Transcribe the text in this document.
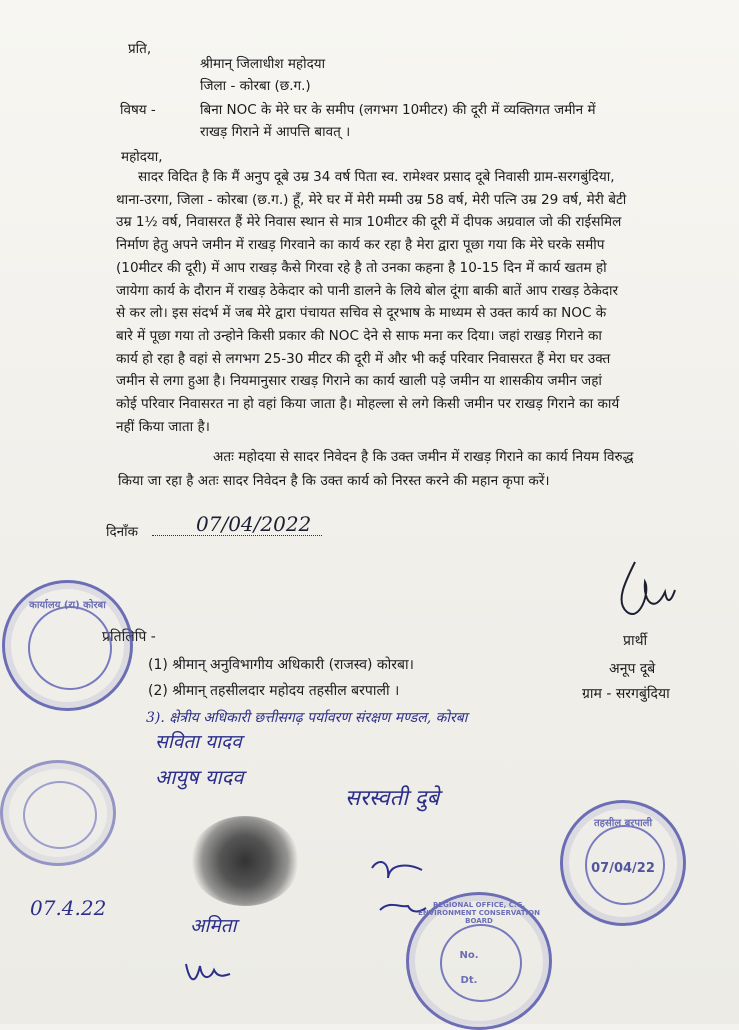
प्रति,
श्रीमान् जिलाधीश महोदया
जिला - कोरबा (छ.ग.)
विषय -	बिना NOC के मेरे घर के समीप (लगभग 10मीटर) की दूरी में व्यक्तिगत जमीन में
राखड़ गिराने में आपत्ति बावत् ।
महोदया,
सादर विदित है कि मैं अनुप दूबे उम्र 34 वर्ष पिता स्व. रामेश्वर प्रसाद दूबे निवासी ग्राम-सरगबुंदिया,
थाना-उरगा, जिला - कोरबा (छ.ग.) हूँ, मेरे घर में मेरी मम्मी उम्र 58 वर्ष, मेरी पत्नि उम्र 29 वर्ष, मेरी बेटी
उम्र 1½ वर्ष, निवासरत हैं मेरे निवास स्थान से मात्र 10मीटर की दूरी में दीपक अग्रवाल जो की राईसमिल
निर्माण हेतु अपने जमीन में राखड़ गिरवाने का कार्य कर रहा है मेरा द्वारा पूछा गया कि मेरे घरके समीप
(10मीटर की दूरी) में आप राखड़ कैसे गिरवा रहे है तो उनका कहना है 10-15 दिन में कार्य खतम हो
जायेगा कार्य के दौरान में राखड़ ठेकेदार को पानी डालने के लिये बोल दूंगा बाकी बातें आप राखड़ ठेकेदार
से कर लो। इस संदर्भ में जब मेरे द्वारा पंचायत सचिव से दूरभाष के माध्यम से उक्त कार्य का NOC के
बारे में पूछा गया तो उन्होने किसी प्रकार की NOC देने से साफ मना कर दिया। जहां राखड़ गिराने का
कार्य हो रहा है वहां से लगभग 25-30 मीटर की दूरी में और भी कई परिवार निवासरत हैं मेरा घर उक्त
जमीन से लगा हुआ है। नियमानुसार राखड़ गिराने का कार्य खाली पड़े जमीन या शासकीय जमीन जहां
कोई परिवार निवासरत ना हो वहां किया जाता है। मोहल्ला से लगे किसी जमीन पर राखड़ गिराने का कार्य
नहीं किया जाता है।
अतः महोदया से सादर निवेदन है कि उक्त जमीन में राखड़ गिराने का कार्य नियम विरुद्ध
किया जा रहा है अतः सादर निवेदन है कि उक्त कार्य को निरस्त करने की महान कृपा करें।
दिनाँक	07/04/2022
प्रार्थी
अनूप दूबे
ग्राम - सरगबुंदिया
प्रतिलिपि -
(1) श्रीमान् अनुविभागीय अधिकारी (राजस्व) कोरबा।
(2) श्रीमान् तहसीलदार महोदय तहसील बरपाली ।
3). क्षेत्रीय अधिकारी छत्तीसगढ़ पर्यावरण संरक्षण मण्डल, कोरबा
सविता यादव
आयुष यादव
सरस्वती दुबे
अमिता
07.4.22
कार्यालय (रा) कोरबा
तहसील बरपाली
07/04/22
REGIONAL OFFICE, C.G. ENVIRONMENT CONSERVATION BOARD
No.
Dt.
